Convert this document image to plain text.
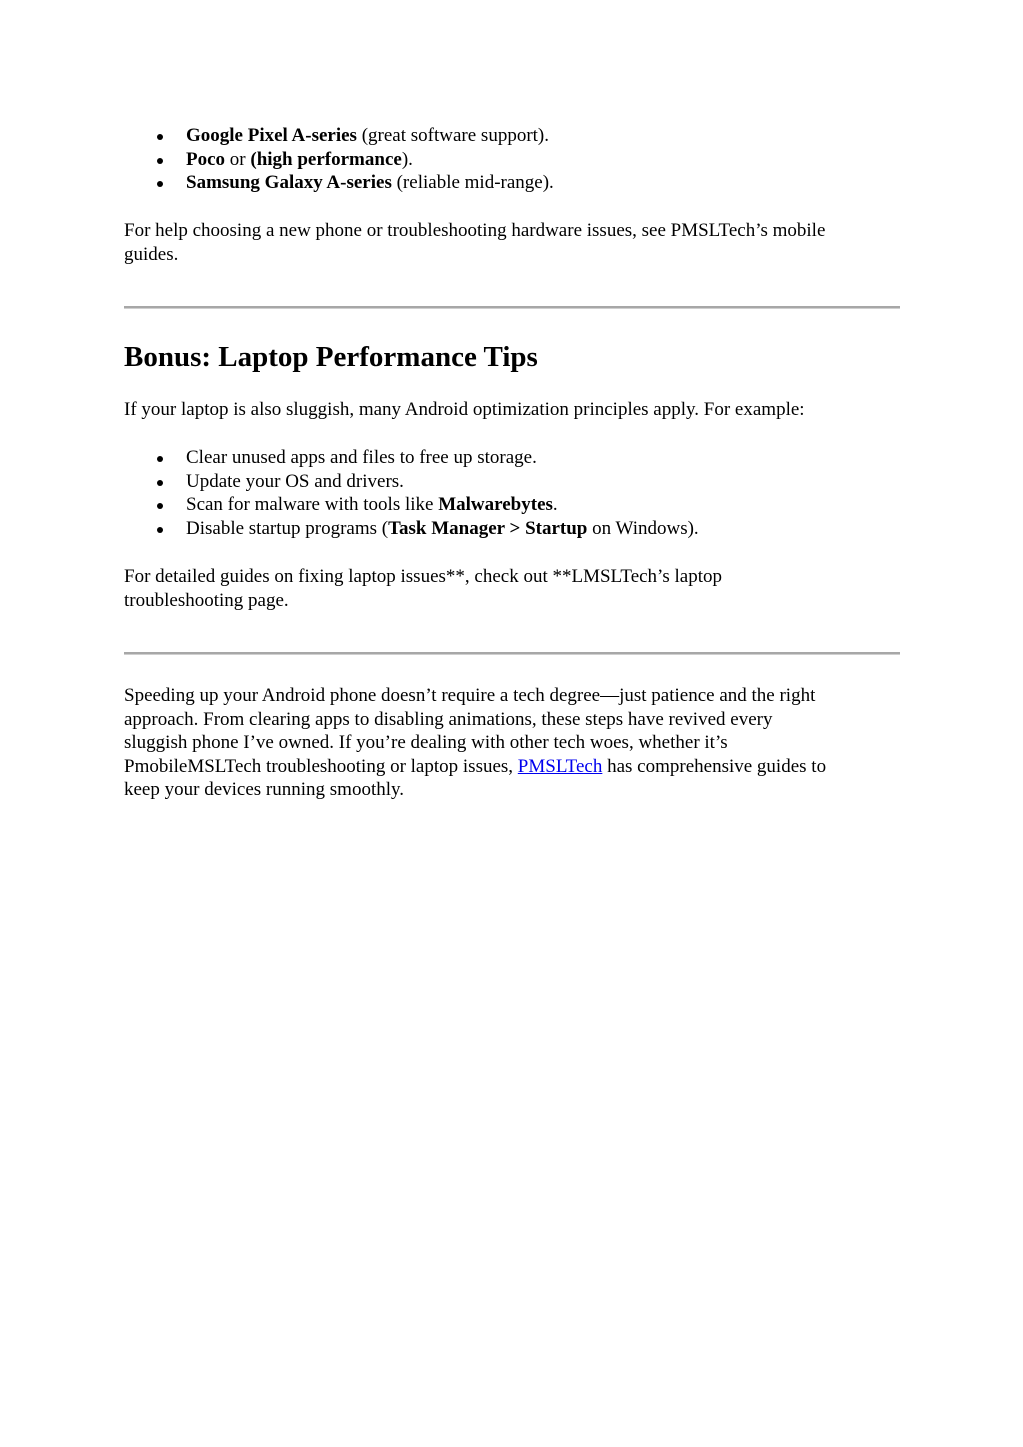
Google Pixel A-series (great software support).
Poco or (high performance).
Samsung Galaxy A-series (reliable mid-range).

For help choosing a new phone or troubleshooting hardware issues, see PMSLTech’s mobile
guides.

Bonus: Laptop Performance Tips

If your laptop is also sluggish, many Android optimization principles apply. For example:

Clear unused apps and files to free up storage.
Update your OS and drivers.
Scan for malware with tools like Malwarebytes.
Disable startup programs (Task Manager > Startup on Windows).

For detailed guides on fixing laptop issues**, check out **LMSLTech’s laptop
troubleshooting page.

Speeding up your Android phone doesn’t require a tech degree—just patience and the right
approach. From clearing apps to disabling animations, these steps have revived every
sluggish phone I’ve owned. If you’re dealing with other tech woes, whether it’s
PmobileMSLTech troubleshooting or laptop issues, PMSLTech has comprehensive guides to
keep your devices running smoothly.
